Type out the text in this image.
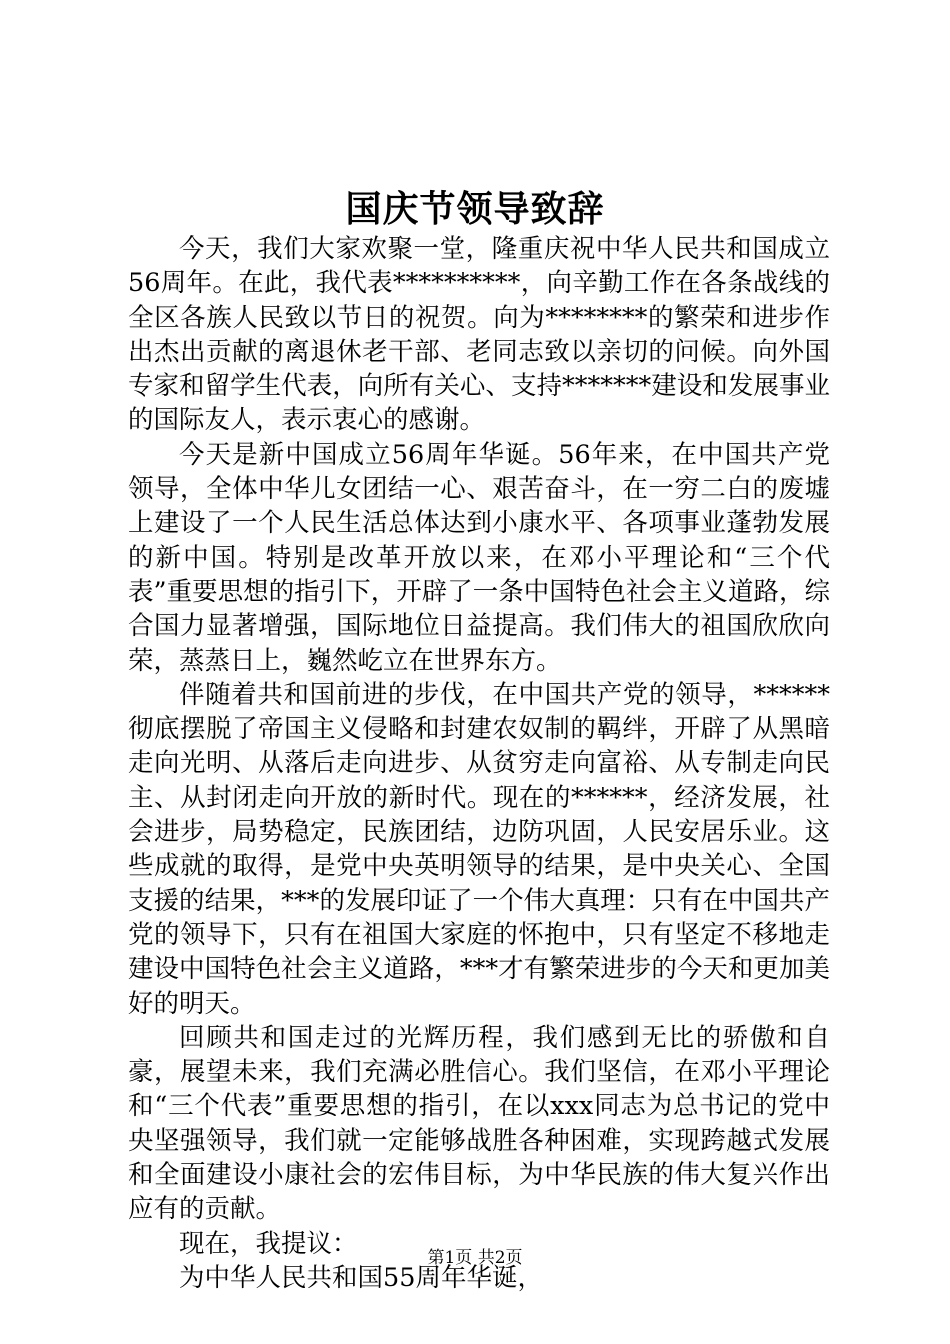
国庆节领导致辞

今天，我们大家欢聚一堂，隆重庆祝中华人民共和国成立56周年。在此，我代表**********，向辛勤工作在各条战线的全区各族人民致以节日的祝贺。向为********的繁荣和进步作出杰出贡献的离退休老干部、老同志致以亲切的问候。向外国专家和留学生代表，向所有关心、支持*******建设和发展事业的国际友人，表示衷心的感谢。

今天是新中国成立56周年华诞。56年来，在中国共产党领导，全体中华儿女团结一心、艰苦奋斗，在一穷二白的废墟上建设了一个人民生活总体达到小康水平、各项事业蓬勃发展的新中国。特别是改革开放以来，在邓小平理论和“三个代表”重要思想的指引下，开辟了一条中国特色社会主义道路，综合国力显著增强，国际地位日益提高。我们伟大的祖国欣欣向荣，蒸蒸日上，巍然屹立在世界东方。

伴随着共和国前进的步伐，在中国共产党的领导，******彻底摆脱了帝国主义侵略和封建农奴制的羁绊，开辟了从黑暗走向光明、从落后走向进步、从贫穷走向富裕、从专制走向民主、从封闭走向开放的新时代。现在的******，经济发展，社会进步，局势稳定，民族团结，边防巩固，人民安居乐业。这些成就的取得，是党中央英明领导的结果，是中央关心、全国支援的结果，***的发展印证了一个伟大真理：只有在中国共产党的领导下，只有在祖国大家庭的怀抱中，只有坚定不移地走建设中国特色社会主义道路，***才有繁荣进步的今天和更加美好的明天。

回顾共和国走过的光辉历程，我们感到无比的骄傲和自豪，展望未来，我们充满必胜信心。我们坚信，在邓小平理论和“三个代表”重要思想的指引，在以xxx同志为总书记的党中央坚强领导，我们就一定能够战胜各种困难，实现跨越式发展和全面建设小康社会的宏伟目标，为中华民族的伟大复兴作出应有的贡献。

现在，我提议：

为中华人民共和国55周年华诞，

第1页 共2页
